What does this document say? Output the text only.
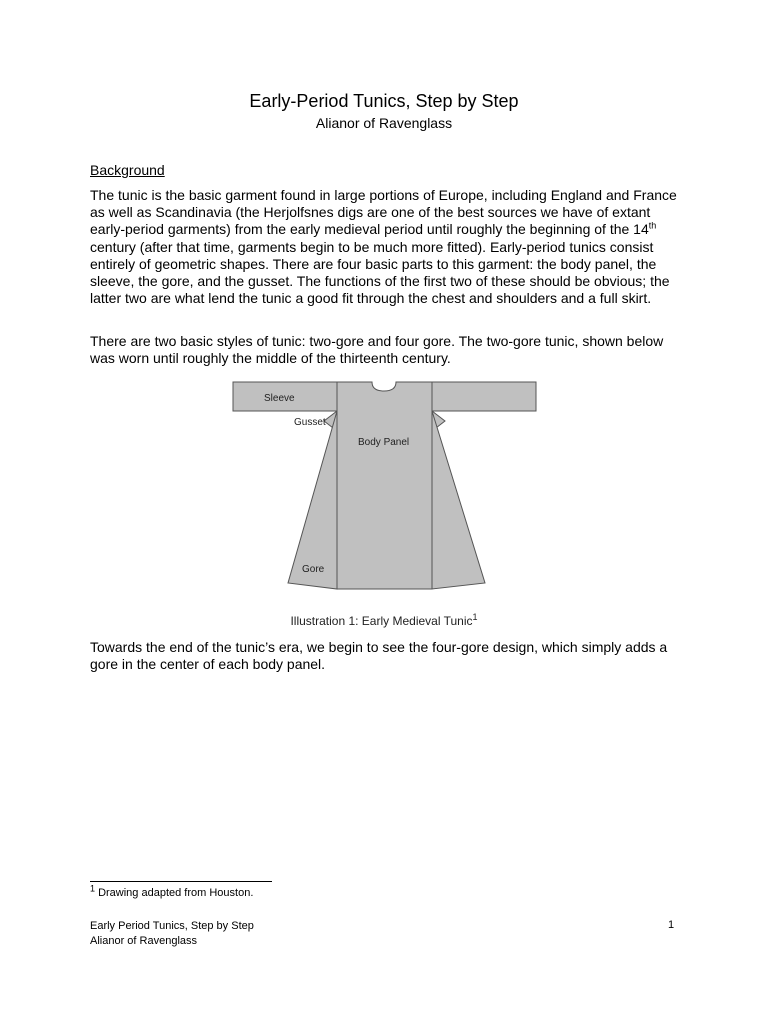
Early-Period Tunics, Step by Step
Alianor of Ravenglass
Background

The tunic is the basic garment found in large portions of Europe, including England and France as well as Scandinavia (the Herjolfsnes digs are one of the best sources we have of extant early-period garments) from the early medieval period until roughly the beginning of the 14th century (after that time, garments begin to be much more fitted). Early-period tunics consist entirely of geometric shapes. There are four basic parts to this garment: the body panel, the sleeve, the gore, and the gusset. The functions of the first two of these should be obvious; the latter two are what lend the tunic a good fit through the chest and shoulders and a full skirt.

There are two basic styles of tunic: two-gore and four gore. The two-gore tunic, shown below was worn until roughly the middle of the thirteenth century.

Sleeve
Gusset
Body Panel
Gore
Illustration 1: Early Medieval Tunic$^1$

Towards the end of the tunic’s era, we begin to see the four-gore design, which simply adds a gore in the center of each body panel.

$^1$ Drawing adapted from Houston.
Early Period Tunics, Step by Step
Alianor of Ravenglass
1
